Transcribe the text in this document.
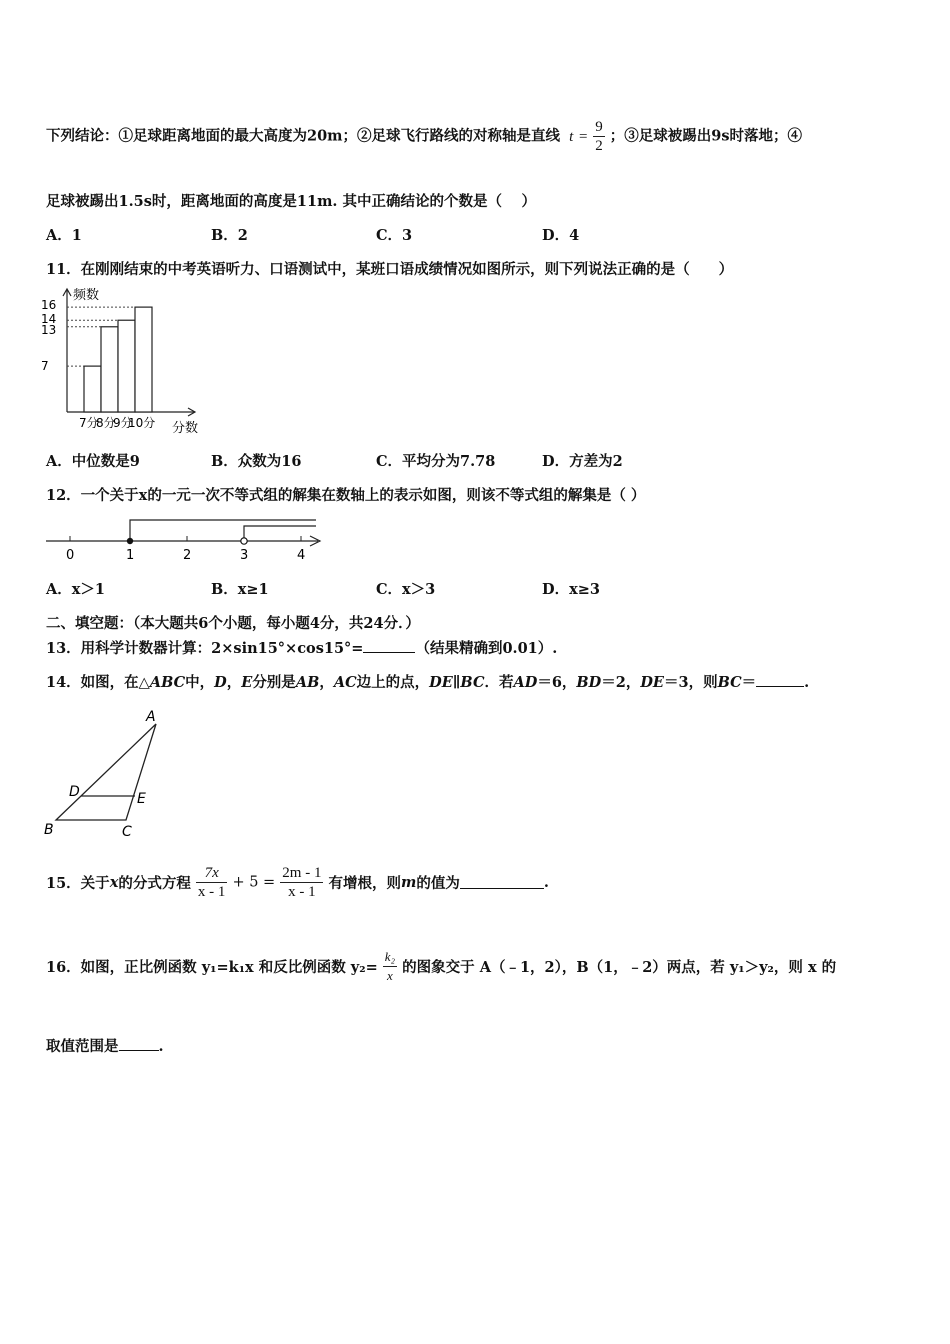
下列结论：①足球距离地面的最大高度为20m；②足球飞行路线的对称轴是直线 $t = \frac{9}{2}$ ；③足球被踢出9s时落地；④
足球被踢出1.5s时，距离地面的高度是11m. 其中正确结论的个数是（　 ）
A．1	B．2	C．3	D．4
11．在刚刚结束的中考英语听力、口语测试中，某班口语成绩情况如图所示，则下列说法正确的是（　　）
7分
8分
9分
10分
7
13
14
16
频数
分数
A．中位数是9	B．众数为16	C．平均分为7.78	D．方差为2
12．一个关于x的一元一次不等式组的解集在数轴上的表示如图，则该不等式组的解集是（ ）
0	1	2	3	4
A．x＞1	B．x≥1	C．x＞3	D．x≥3
二、填空题：（本大题共6个小题，每小题4分，共24分．）
13．用科学计数器计算：2×sin15°×cos15°=	（结果精确到0.01）.
14．如图，在△ABC中，D，E分别是AB，AC边上的点，DE∥BC．若AD＝6，BD＝2，DE＝3，则BC＝	.
A
B	C
D	E
15．关于x的分式方程 $\frac{7x}{x - 1} + 5 = \frac{2m - 1}{x - 1}$ 有增根，则m的值为	.
16．如图，正比例函数 y₁=k₁x 和反比例函数 $y_2= \frac{\text{k₂}}{x}$ 的图象交于 A（﹣1，2），B（1，﹣2）两点，若 y₁＞y₂，则 x 的
取值范围是	.
